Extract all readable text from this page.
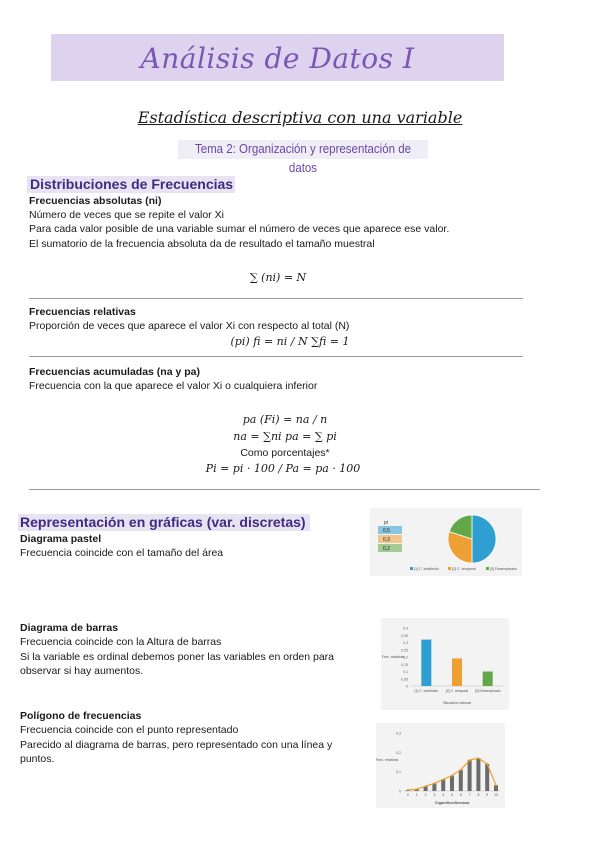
Análisis de Datos I
Estadística descriptiva con una variable
Tema 2: Organización y representación de datos
Distribuciones de Frecuencias
Frecuencias absolutas (ni)
Número de veces que se repite el valor Xi
Para cada valor posible de una variable sumar el número de veces que aparece ese valor.
El sumatorio de la frecuencia absoluta da de resultado el tamaño muestral
∑ (ni) = N
Frecuencias relativas
Proporción de veces que aparece el valor Xi con respecto al total (N)
(pi) fi = ni / N ∑fi = 1
Frecuencias acumuladas (na y pa)
Frecuencia con la que aparece el valor Xi o cualquiera inferior
pa (Fi) = na / n
na = ∑ni pa = ∑ pi
Como porcentajes*
Pi = pi · 100 / Pa = pa · 100
Representación en gráficas (var. discretas)
Diagrama pastel
Frecuencia coincide con el tamaño del área
Diagrama de barras
Frecuencia coincide con la Altura de barras
Si la variable es ordinal debemos poner las variables en orden para
observar si hay aumentos.
Polígono de frecuencias
Frecuencia coincide con el punto representado
Parecido al diagrama de barras, pero representado con una línea y
puntos.
pi
0,5
0,3
0,2
[1] C. indefinido	[2] C. temporal	[3] Desempleado
0
0,05
0,1
0,15
0,2
0,25
0,3
0,35
0,4
Frec. relativas
[1] C. indefinido [2] C. temporal [3] Desempleado
Situación laboral
0
0,1
0,2
0,3
Frec. relativas
0 1 2 3 4 5 6 7 8 9 10
Cigarrillos/Semana
